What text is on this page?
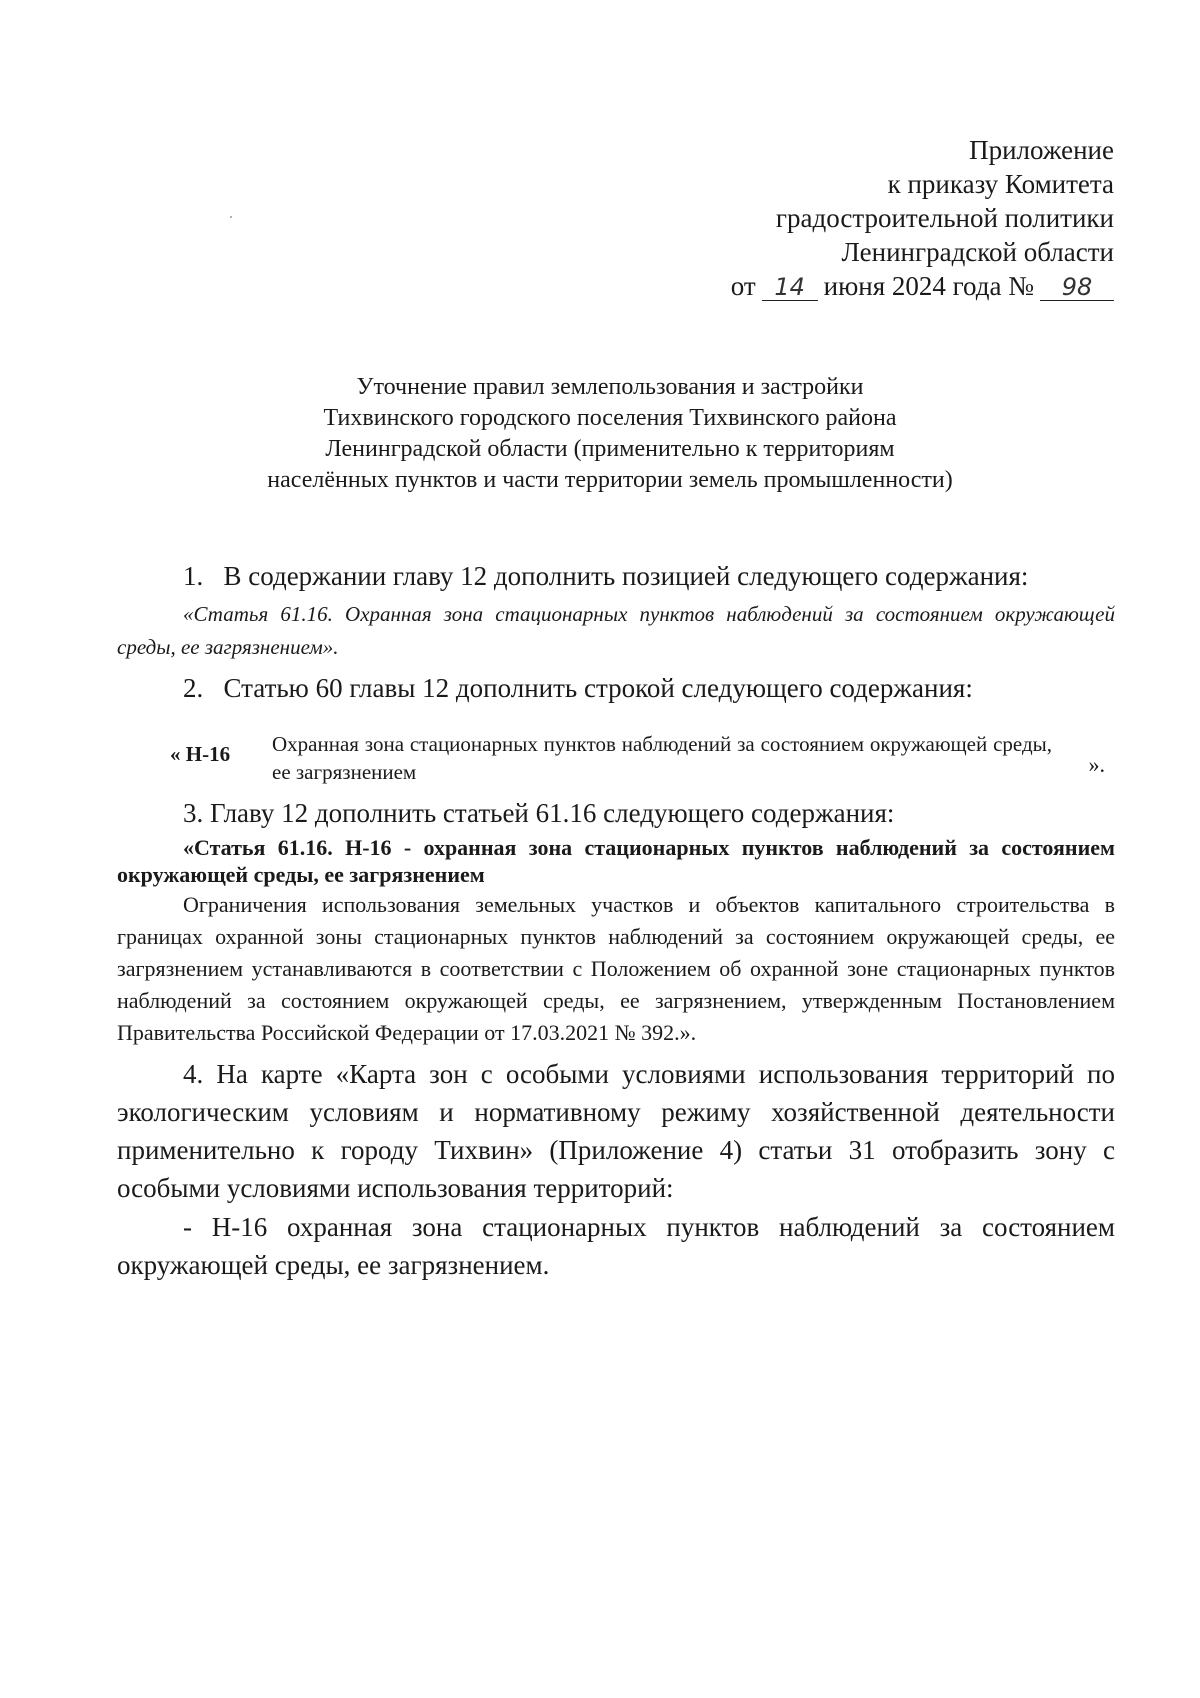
Приложение
к приказу Комитета
градостроительной политики
Ленинградской области
от 14 июня 2024 года № 98
Уточнение правил землепользования и застройки
Тихвинского городского поселения Тихвинского района
Ленинградской области (применительно к территориям
населённых пунктов и части территории земель промышленности)
1.   В содержании главу 12 дополнить позицией следующего содержания:
«Статья 61.16. Охранная зона стационарных пунктов наблюдений за состоянием окружающей среды, ее загрязнением».
2.   Статью 60 главы 12 дополнить строкой следующего содержания:
« Н-16 Охранная зона стационарных пунктов наблюдений за состоянием окружающей среды, ее загрязнением	».
3. Главу 12 дополнить статьей 61.16 следующего содержания:
«Статья 61.16. Н-16 - охранная зона стационарных пунктов наблюдений за состоянием окружающей среды, ее загрязнением
Ограничения использования земельных участков и объектов капитального строительства в границах охранной зоны стационарных пунктов наблюдений за состоянием окружающей среды, ее загрязнением устанавливаются в соответствии с Положением об охранной зоне стационарных пунктов наблюдений за состоянием окружающей среды, ее загрязнением, утвержденным Постановлением Правительства Российской Федерации от 17.03.2021 № 392.».
4. На карте «Карта зон с особыми условиями использования территорий по экологическим условиям и нормативному режиму хозяйственной деятельности применительно к городу Тихвин» (Приложение 4) статьи 31 отобразить зону с особыми условиями использования территорий:
- Н-16 охранная зона стационарных пунктов наблюдений за состоянием окружающей среды, ее загрязнением.
